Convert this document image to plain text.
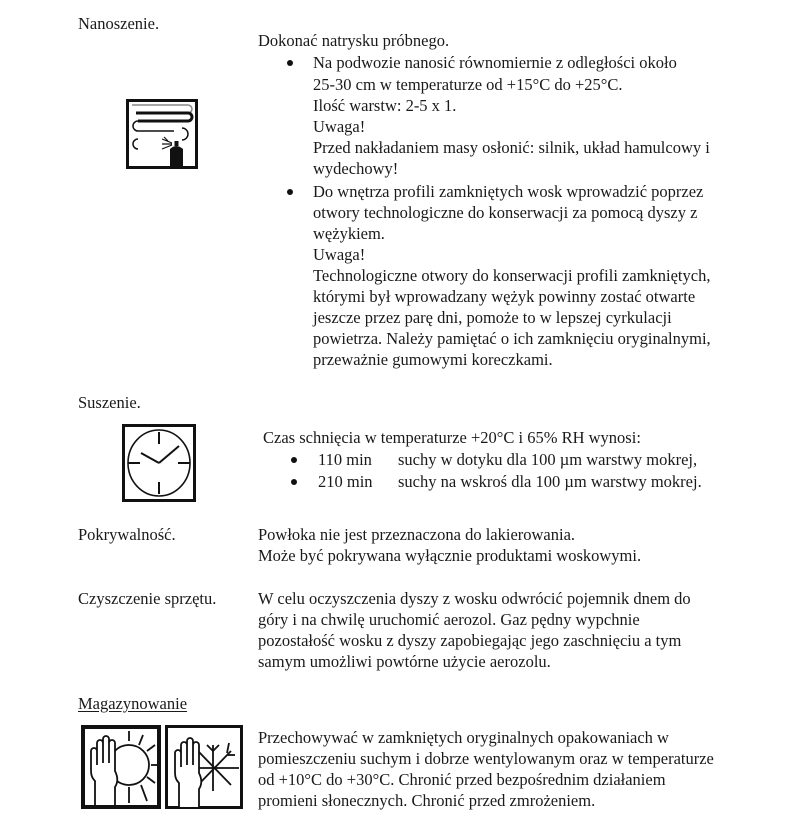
Nanoszenie.
Dokonać natrysku próbnego.
Na podwozie nanosić równomiernie z odległości około
25-30 cm w temperaturze od +15°C do +25°C.
Ilość warstw: 2-5 x 1.
Uwaga!
Przed nakładaniem masy osłonić: silnik, układ hamulcowy i
wydechowy!
Do wnętrza profili zamkniętych wosk wprowadzić poprzez
otwory technologiczne do konserwacji za pomocą dyszy z
wężykiem.
Uwaga!
Technologiczne otwory do konserwacji profili zamkniętych,
którymi był wprowadzany wężyk powinny zostać otwarte
jeszcze przez parę dni, pomoże to w lepszej cyrkulacji
powietrza. Należy pamiętać o ich zamknięciu oryginalnymi,
przeważnie gumowymi koreczkami.
Suszenie.
Czas schnięcia w temperaturze +20°C i 65% RH wynosi:
110 min suchy w dotyku dla 100 µm warstwy mokrej,
210 min suchy na wskroś dla 100 µm warstwy mokrej.
Pokrywalność.	Powłoka nie jest przeznaczona do lakierowania.
Może być pokrywana wyłącznie produktami woskowymi.
Czyszczenie sprzętu.	W celu oczyszczenia dyszy z wosku odwrócić pojemnik dnem do
góry i na chwilę uruchomić aerozol. Gaz pędny wypchnie
pozostałość wosku z dyszy zapobiegając jego zaschnięciu a tym
samym umożliwi powtórne użycie aerozolu.
Magazynowanie
Przechowywać w zamkniętych oryginalnych opakowaniach w
pomieszczeniu suchym i dobrze wentylowanym oraz w temperaturze
od +10°C do +30°C. Chronić przed bezpośrednim działaniem
promieni słonecznych. Chronić przed zmrożeniem.
